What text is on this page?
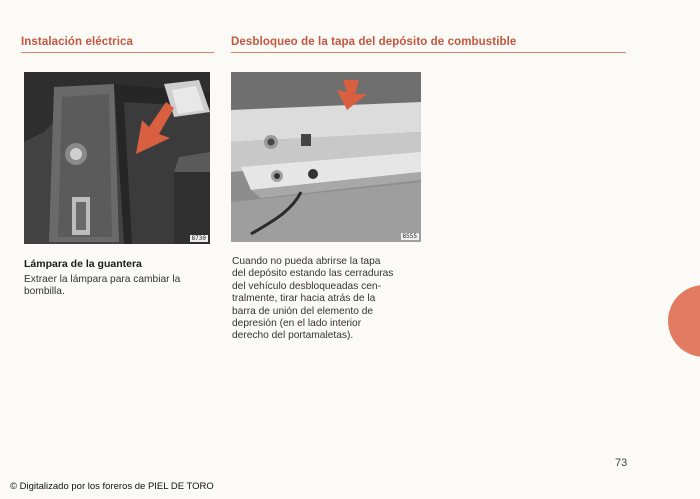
Instalación eléctrica	Desbloqueo de la tapa del depósito de combustible
8730	8555
Lámpara de la guantera

Extraer la lámpara para cambiar la
bombilla.

Cuando no pueda abrirse la tapa
del depósito estando las cerraduras
del vehículo desbloqueadas cen-
tralmente, tirar hacia atrás de la
barra de unión del elemento de
depresión (en el lado interior
derecho del portamaletas).

73
© Digitalizado por los foreros de PIEL DE TORO
